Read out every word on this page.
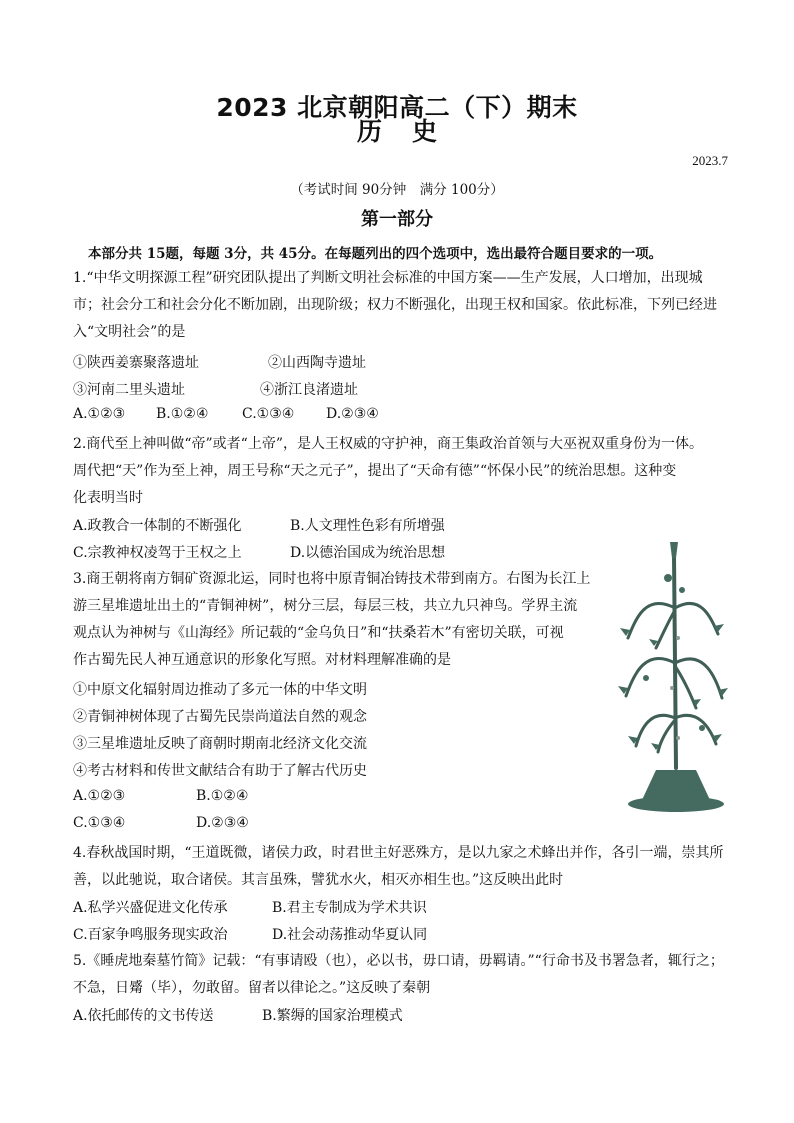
2023 北京朝阳高二（下）期末
历史
2023.7
（考试时间 90分钟　满分 100分）
第一部分
本部分共 15题，每题 3分，共 45分。在每题列出的四个选项中，选出最符合题目要求的一项。
1.“中华文明探源工程”研究团队提出了判断文明社会标准的中国方案——生产发展，人口增加，出现城
市；社会分工和社会分化不断加剧，出现阶级；权力不断强化，出现王权和国家。依此标准，下列已经进
入“文明社会”的是
①陕西姜寨聚落遗址	②山西陶寺遗址
③河南二里头遗址	④浙江良渚遗址
A.①②③ B.①②④ C.①③④ D.②③④
2.商代至上神叫做“帝”或者“上帝”，是人王权威的守护神，商王集政治首领与大巫祝双重身份为一体。
周代把“天”作为至上神，周王号称“天之元子”，提出了“天命有德”“怀保小民”的统治思想。这种变
化表明当时
A.政教合一体制的不断强化	B.人文理性色彩有所增强
C.宗教神权凌驾于王权之上	D.以德治国成为统治思想
3.商王朝将南方铜矿资源北运，同时也将中原青铜冶铸技术带到南方。右图为长江上
游三星堆遗址出土的“青铜神树”，树分三层，每层三枝，共立九只神鸟。学界主流
观点认为神树与《山海经》所记载的“金乌负日”和“扶桑若木”有密切关联，可视
作古蜀先民人神互通意识的形象化写照。对材料理解准确的是
①中原文化辐射周边推动了多元一体的中华文明
②青铜神树体现了古蜀先民崇尚道法自然的观念
③三星堆遗址反映了商朝时期南北经济文化交流
④考古材料和传世文献结合有助于了解古代历史
A.①②③	B.①②④
C.①③④	D.②③④
4.春秋战国时期，“王道既微，诸侯力政，时君世主好恶殊方，是以九家之术蜂出并作，各引一端，崇其所
善，以此驰说，取合诸侯。其言虽殊，譬犹水火，相灭亦相生也。”这反映出此时
A.私学兴盛促进文化传承	B.君主专制成为学术共识
C.百家争鸣服务现实政治	D.社会动荡推动华夏认同
5.《睡虎地秦墓竹简》记载：“有事请殴（也），必以书，毋口请，毋羁请。”“行命书及书署急者，辄行之；
不急，日觱（毕），勿敢留。留者以律论之。”这反映了秦朝
A.依托邮传的文书传送	B.繁缛的国家治理模式
